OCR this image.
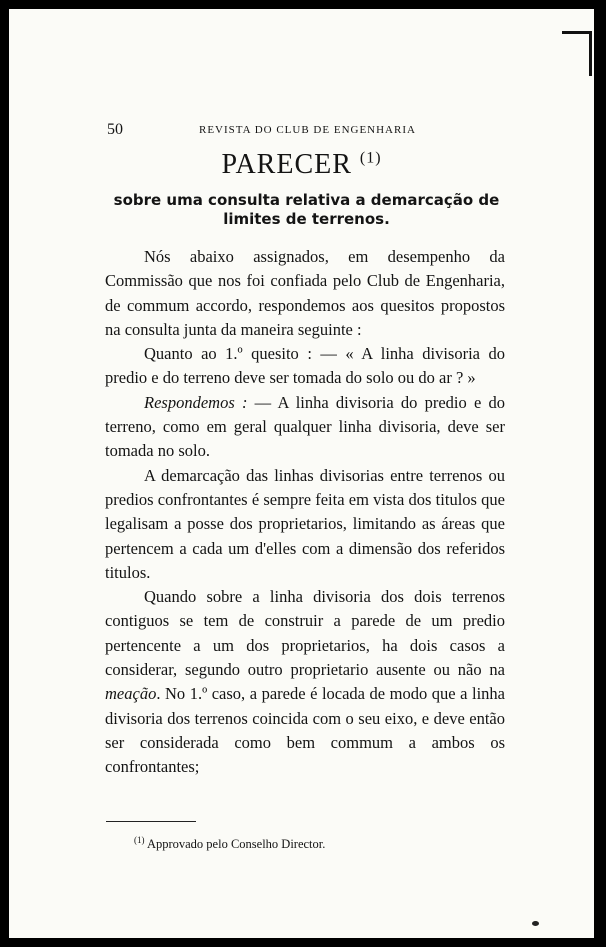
50	REVISTA DO CLUB DE ENGENHARIA
PARECER $^{(1)}$
sobre uma consulta relativa a demarcação de limites de terrenos.

Nós abaixo assignados, em desempenho da Commissão que nos foi confiada pelo Club de Engenharia, de commum accordo, respondemos aos quesitos propostos na consulta junta da maneira seguinte :

Quanto ao 1.º quesito : — « A linha divisoria do predio e do terreno deve ser tomada do solo ou do ar ? »

Respondemos : — A linha divisoria do predio e do terreno, como em geral qualquer linha divisoria, deve ser tomada no solo.

A demarcação das linhas divisorias entre terrenos ou predios confrontantes é sempre feita em vista dos titulos que legalisam a posse dos proprietarios, limitando as áreas que pertencem a cada um d'elles com a dimensão dos referidos titulos.

Quando sobre a linha divisoria dos dois terrenos contiguos se tem de construir a parede de um predio pertencente a um dos proprietarios, ha dois casos a considerar, segundo outro proprietario ausente ou não na meação. No 1.º caso, a parede é locada de modo que a linha divisoria dos terrenos coincida com o seu eixo, e deve então ser considerada como bem commum a ambos os confrontantes;

$^{(1)}$ Approvado pelo Conselho Director.
